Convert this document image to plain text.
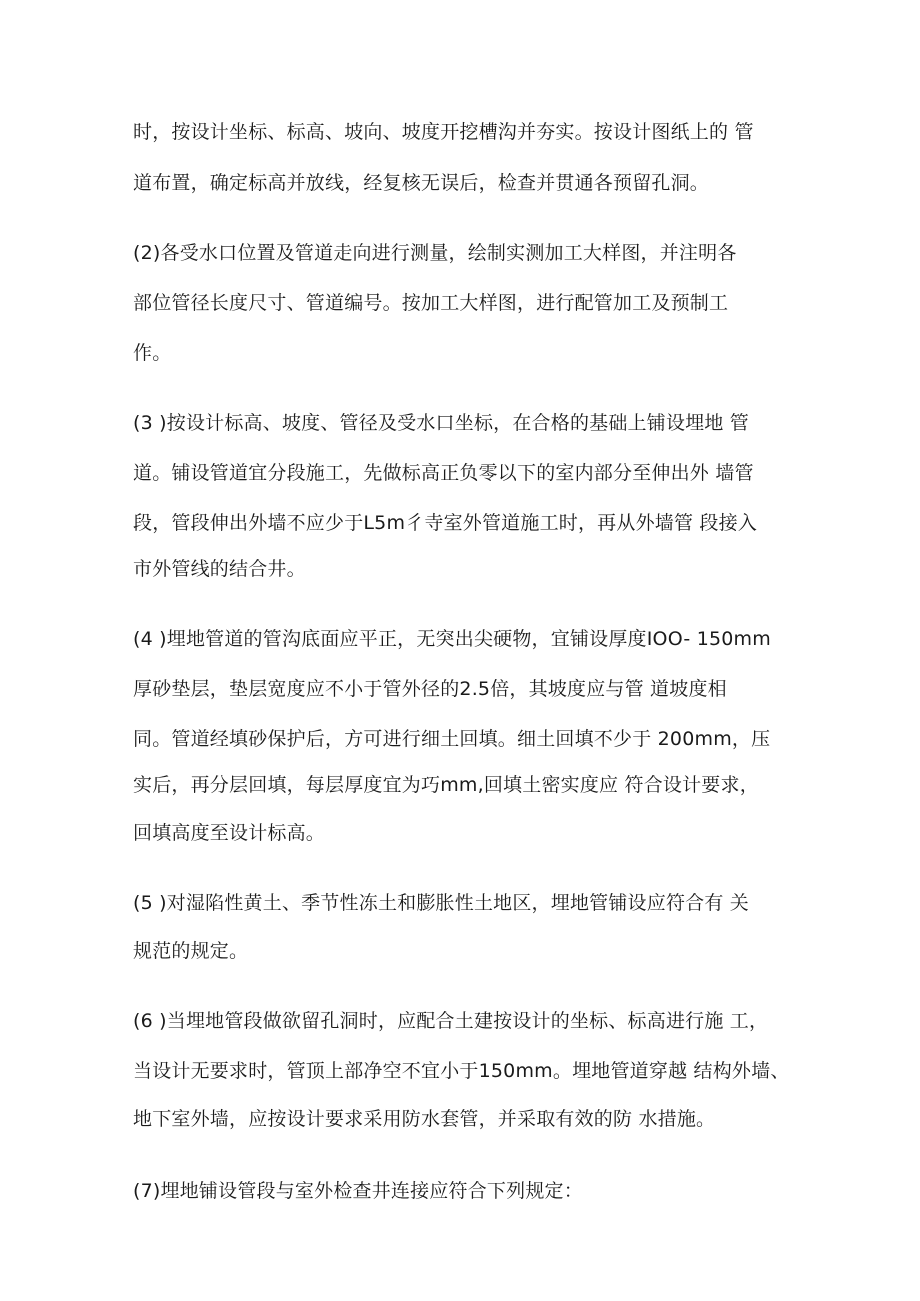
时，按设计坐标、标高、坡向、坡度开挖槽沟并夯实。按设计图纸上的 管
道布置，确定标高并放线，经复核无误后，检查并贯通各预留孔洞。
(2)各受水口位置及管道走向进行测量，绘制实测加工大样图，并注明各
部位管径长度尺寸、管道编号。按加工大样图，进行配管加工及预制工
作。
(3 )按设计标高、坡度、管径及受水口坐标，在合格的基础上铺设埋地 管
道。铺设管道宜分段施工，先做标高正负零以下的室内部分至伸出外 墙管
段，管段伸出外墙不应少于L5m彳寺室外管道施工时，再从外墙管 段接入
市外管线的结合井。
(4 )埋地管道的管沟底面应平正，无突出尖硬物，宜铺设厚度IOO- 150mm
厚砂垫层，垫层宽度应不小于管外径的2.5倍，其坡度应与管 道坡度相
同。管道经填砂保护后，方可进行细土回填。细土回填不少于 200mm，压
实后，再分层回填，每层厚度宜为巧mm,回填土密实度应 符合设计要求，
回填高度至设计标高。
(5 )对湿陷性黄土、季节性冻土和膨胀性土地区，埋地管铺设应符合有 关
规范的规定。
(6 )当埋地管段做欲留孔洞时，应配合土建按设计的坐标、标高进行施 工，
当设计无要求时，管顶上部净空不宜小于150mm。埋地管道穿越 结构外墙、
地下室外墙，应按设计要求采用防水套管，并采取有效的防 水措施。
(7)埋地铺设管段与室外检查井连接应符合下列规定：
